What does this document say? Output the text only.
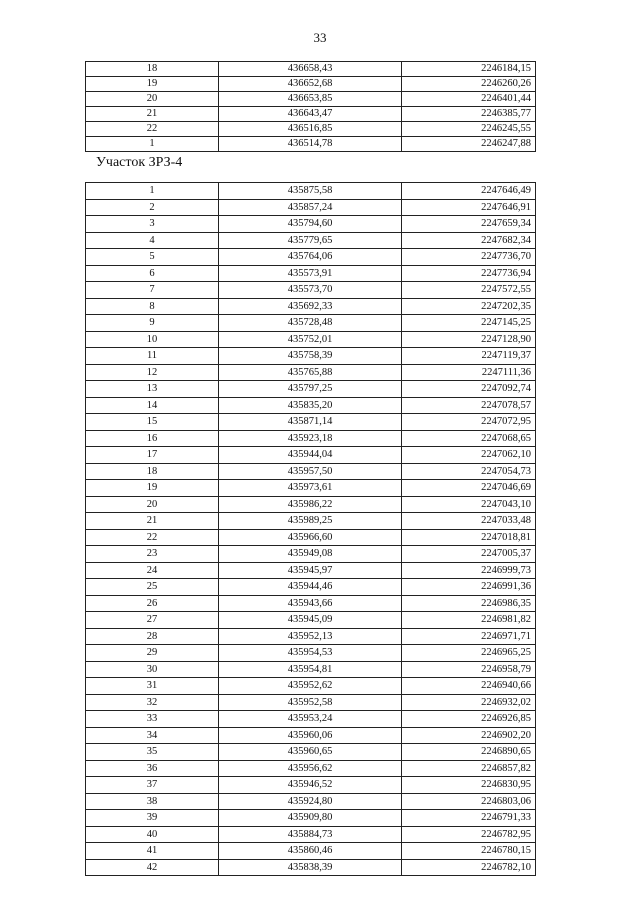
33
18	436658,43	2246184,15
19	436652,68	2246260,26
20	436653,85	2246401,44
21	436643,47	2246385,77
22	436516,85	2246245,55
1	436514,78	2246247,88
Участок ЗРЗ-4
1	435875,58	2247646,49
2	435857,24	2247646,91
3	435794,60	2247659,34
4	435779,65	2247682,34
5	435764,06	2247736,70
6	435573,91	2247736,94
7	435573,70	2247572,55
8	435692,33	2247202,35
9	435728,48	2247145,25
10	435752,01	2247128,90
11	435758,39	2247119,37
12	435765,88	2247111,36
13	435797,25	2247092,74
14	435835,20	2247078,57
15	435871,14	2247072,95
16	435923,18	2247068,65
17	435944,04	2247062,10
18	435957,50	2247054,73
19	435973,61	2247046,69
20	435986,22	2247043,10
21	435989,25	2247033,48
22	435966,60	2247018,81
23	435949,08	2247005,37
24	435945,97	2246999,73
25	435944,46	2246991,36
26	435943,66	2246986,35
27	435945,09	2246981,82
28	435952,13	2246971,71
29	435954,53	2246965,25
30	435954,81	2246958,79
31	435952,62	2246940,66
32	435952,58	2246932,02
33	435953,24	2246926,85
34	435960,06	2246902,20
35	435960,65	2246890,65
36	435956,62	2246857,82
37	435946,52	2246830,95
38	435924,80	2246803,06
39	435909,80	2246791,33
40	435884,73	2246782,95
41	435860,46	2246780,15
42	435838,39	2246782,10
